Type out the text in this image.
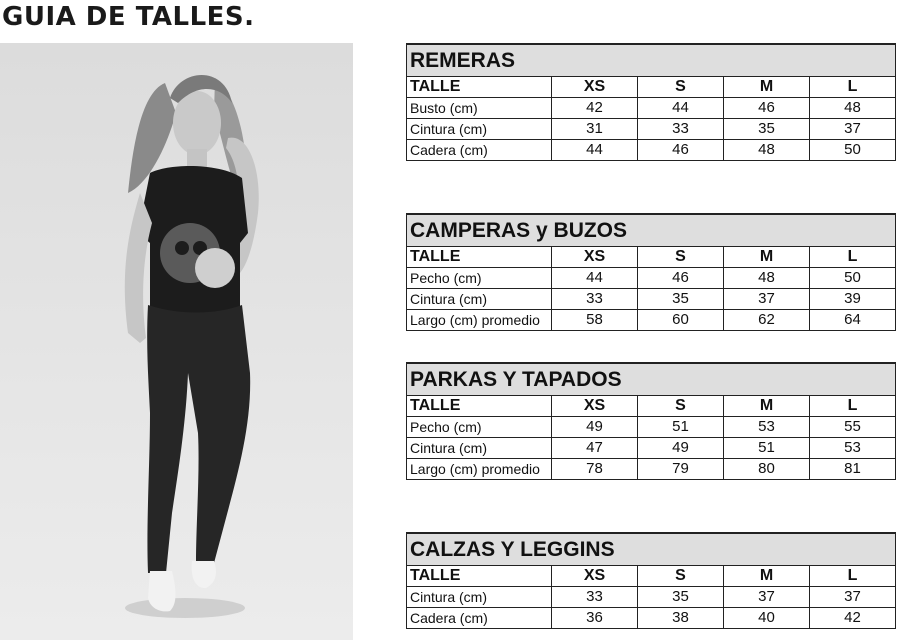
GUIA DE TALLES.
REMERAS				
TALLE	XS	S	M	L
Busto (cm)	42	44	46	48
Cintura (cm)	31	33	35	37
Cadera (cm)	44	46	48	50
CAMPERAS y BUZOS				
TALLE	XS	S	M	L
Pecho (cm)	44	46	48	50
Cintura (cm)	33	35	37	39
Largo (cm) promedio	58	60	62	64
PARKAS Y TAPADOS				
TALLE	XS	S	M	L
Pecho (cm)	49	51	53	55
Cintura (cm)	47	49	51	53
Largo (cm) promedio	78	79	80	81
CALZAS Y LEGGINS				
TALLE	XS	S	M	L
Cintura (cm)	33	35	37	37
Cadera (cm)	36	38	40	42
